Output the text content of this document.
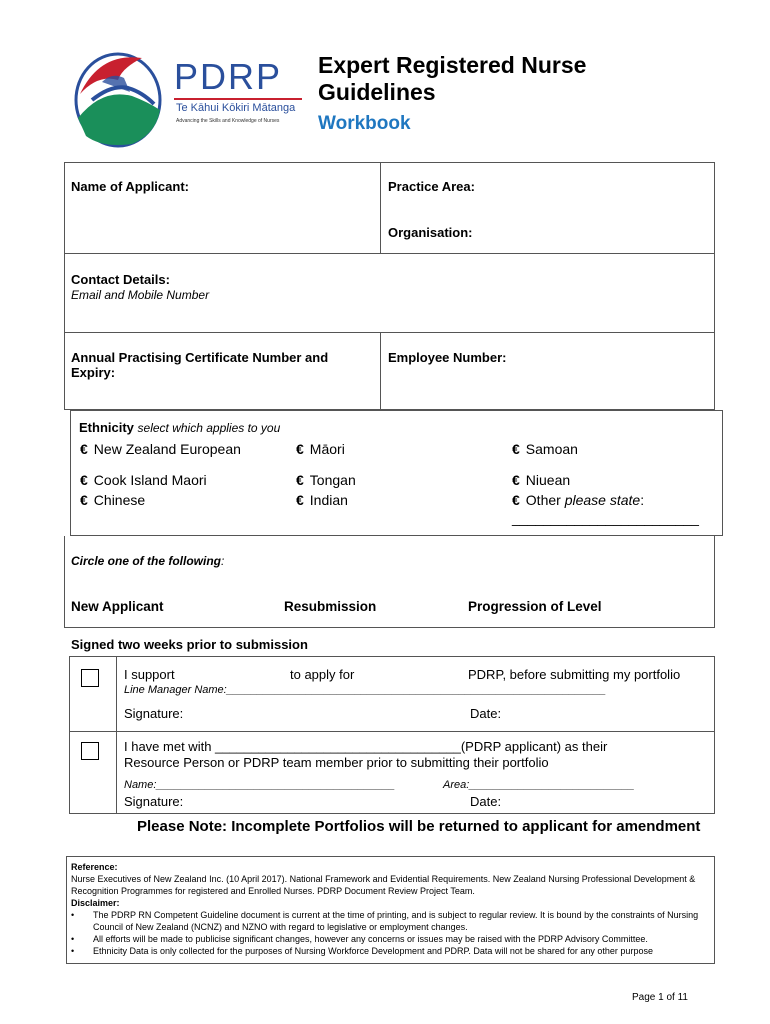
PDRP
Te Kāhui Kōkiri Mātanga
Advancing the Skills and Knowledge of Nurses
Expert Registered Nurse Guidelines
Workbook
Name of Applicant:	Practice Area:
Organisation:
Contact Details:
Email and Mobile Number
Annual Practising Certificate Number and Expiry:
Employee Number:
Ethnicity select which applies to you
€ New Zealand European	€ Māori	€ Samoan
€ Cook Island Maori	€ Tongan	€ Niuean
€ Chinese	€ Indian	€ Other please state:
________________________
Circle one of the following:
New Applicant	Resubmission	Progression of Level
Signed two weeks prior to submission
I support	to apply for	PDRP, before submitting my portfolio
Line Manager Name:______________________________________________________________
Signature:	Date:
I have met with __________________________________(PDRP applicant) as their
Resource Person or PDRP team member prior to submitting their portfolio
Name:_______________________________________	Area:___________________________
Signature:	Date:
Please Note: Incomplete Portfolios will be returned to applicant for amendment
Reference:
Nurse Executives of New Zealand Inc. (10 April 2017). National Framework and Evidential Requirements. New Zealand Nursing Professional Development & Recognition Programmes for registered and Enrolled Nurses. PDRP Document Review Project Team.
Disclaimer:
• The PDRP RN Competent Guideline document is current at the time of printing, and is subject to regular review. It is bound by the constraints of Nursing Council of New Zealand (NCNZ) and NZNO with regard to legislative or employment changes.
• All efforts will be made to publicise significant changes, however any concerns or issues may be raised with the PDRP Advisory Committee.
• Ethnicity Data is only collected for the purposes of Nursing Workforce Development and PDRP. Data will not be shared for any other purpose
Page 1 of 11
